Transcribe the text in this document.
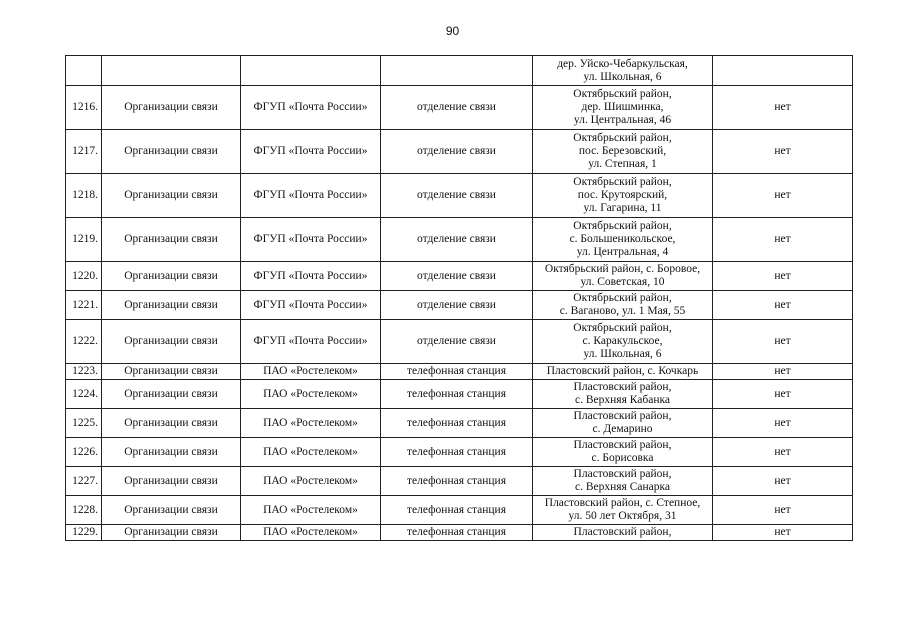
90

				дер. Уйско-Чебаркульская,
ул. Школьная, 6	

1216.	Организации связи	ФГУП «Почта России»	отделение связи	Октябрьский район,
дер. Шишминка,
ул. Центральная, 46	нет
1217.	Организации связи	ФГУП «Почта России»	отделение связи	Октябрьский район,
пос. Березовский,
ул. Степная, 1	нет
1218.	Организации связи	ФГУП «Почта России»	отделение связи	Октябрьский район,
пос. Крутоярский,
ул. Гагарина, 11	нет
1219.	Организации связи	ФГУП «Почта России»	отделение связи	Октябрьский район,
с. Большеникольское,
ул. Центральная, 4	нет
1220.	Организации связи	ФГУП «Почта России»	отделение связи	Октябрьский район, с. Боровое,
ул. Советская, 10	нет
1221.	Организации связи	ФГУП «Почта России»	отделение связи	Октябрьский район,
с. Ваганово, ул. 1 Мая, 55	нет
1222.	Организации связи	ФГУП «Почта России»	отделение связи	Октябрьский район,
с. Каракульское,
ул. Школьная, 6	нет
1223.	Организации связи	ПАО «Ростелеком»	телефонная станция	Пластовский район, с. Кочкарь	нет
1224.	Организации связи	ПАО «Ростелеком»	телефонная станция	Пластовский район,
с. Верхняя Кабанка	нет
1225.	Организации связи	ПАО «Ростелеком»	телефонная станция	Пластовский район,
с. Демарино	нет
1226.	Организации связи	ПАО «Ростелеком»	телефонная станция	Пластовский район,
с. Борисовка	нет
1227.	Организации связи	ПАО «Ростелеком»	телефонная станция	Пластовский район,
с. Верхняя Санарка	нет
1228.	Организации связи	ПАО «Ростелеком»	телефонная станция	Пластовский район, с. Степное,
ул. 50 лет Октября, 31	нет
1229.	Организации связи	ПАО «Ростелеком»	телефонная станция	Пластовский район,	нет
